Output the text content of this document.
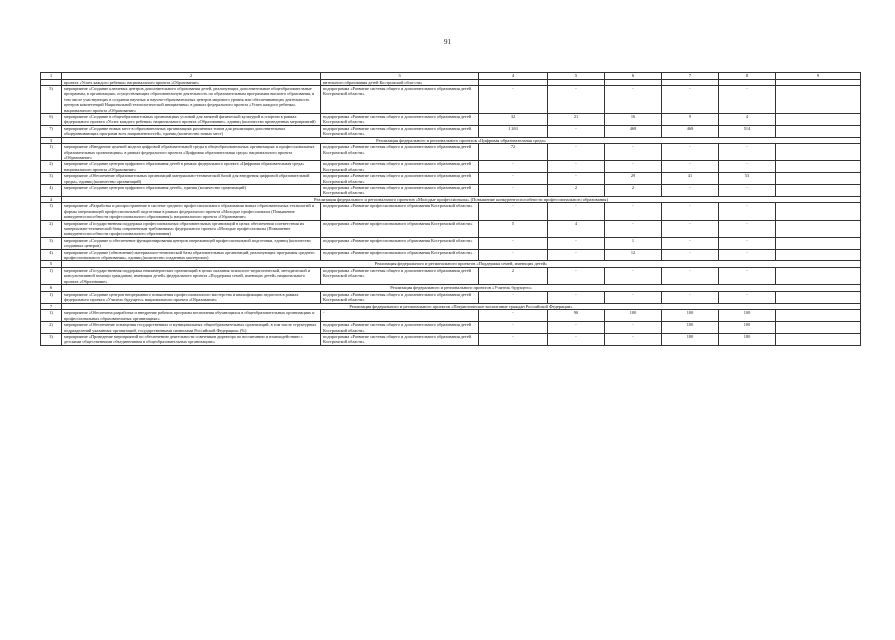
91
1	2	3	4	5	6	7	8	9
	проекта «Успех каждого ребенка» национального проекта «Образование»	вительного образования детей Костромской обла-сти»						
5)	мероприятие «Создание ключевых центров дополнительного образования детей, реализующих дополнительные общеобразовательные программы, в организациях, осуществляющих образовательную деятельность по образовательным программам высшего образования, в том числе участвующих в создании научных и научно-образовательных центров мирового уровня или обеспечивающих деятельность центров компетенций Национальной технологической инициативы» в рамках федерального проекта «Успех каждого ребенка» национального проекта «Образование»	подпрограмма «Развитие системы общего и дополнительного образования детей Костромской области»	-	-	-	-	-	
6)	мероприятие «Создание в общеобразовательных организациях условий для занятий физической культурой и спортом в рамках федерального проекта «Успех каждого ребенка» национального проекта «Образование», единиц (количество проведенных мероприятий)	подпрограмма «Развитие системы общего и дополнительного образования детей Костромской области»	32	21	16	9	4	
7)	мероприятие «Создание новых мест в образовательных организациях различных типов для реализации дополнительных общеразвивающих программ всех направленностей», единиц (количество новых мест)	подпрограмма «Развитие системы общего и дополнительного образования детей Костромской области»	1 263	-	468	468	514	
3	Реализация федерального и регионального проектов «Цифровая образовательная среда»							
1)	мероприятие «Внедрение целевой модели цифровой образовательной среды в общеобразовательных организациях и профессиональных образовательных организациях» в рамках федерального проекта «Цифровая образовательная среда» национального проекта «Образование»	подпрограмма «Развитие системы общего и дополнительного образования детей Костромской области»	72	-	-	-	-	
2)	мероприятие «Создание центров цифрового образования детей в рамках федерального проекта «Цифровая образовательная среда» национального проекта «Образование»	подпрограмма «Развитие системы общего и дополнительного образования детей Костромской области»	-	-	-	-	-	
3)	мероприятие «Обеспечение образовательных организаций материально-технической базой для внедрения цифровой образовательной среды», единиц (количество организаций)	подпрограмма «Развитие системы общего и дополнительного образования детей Костромской области»	-	-	29	41	53	
4)	мероприятие «Создание центров цифрового образования детей», единиц (количество организаций)	подпрограмма «Развитие системы общего и дополнительного образования детей Костромской области»	-	2	2	-	-	
4	Реализация федерального и регионального проектов «Молодые профессионалы» (Повышение конкурентоспособности профессионального образования)							
1)	мероприятие «Разработка и распространение в системе среднего профессионального образования новых образовательных технологий и формы опережающей профессиональной подготовки в рамках федерального проекта «Молодые профессионалы (Повышение конкурентоспособности профессионального образования)» национального проекта «Образование»	подпрограмма «Развитие профессионального образования Костромской области»	-	-	-	-	-	
2)	мероприятие «Государственная поддержка профессиональных образовательных организаций в целях обеспечения соответствия их материально-технической базы современным требованиям» федерального проекта «Молодые профессионалы (Повышение конкурентоспособности профессионального образования)	подпрограмма «Развитие профессионального образования Костромской области»	5	4	-	-	-	
3)	мероприятие «Создание и обеспечение функционирования центров опережающей профессиональной подготовки, единиц (количество созданных центров)	подпрограмма «Развитие профессионального образования Костромской области»	-	-	1	-	-	
4)	мероприятие «Создание (обновление) материально-технической базы образовательных организаций, реализующих программы среднего профессионального образования», единиц (количество созданных мастерских)	подпрограмма «Развитие профессионального образования Костромской области»	-	-	12	-	-	
5	Реализация федерального и регионального проектов «Поддержка семей, имеющих детей»							
1)	мероприятие «Государственная поддержка некоммерческих организаций в целях оказания психолого-педагогической, методической и консультативной помощи гражданам, имеющим детей» федерального проекта «Поддержка семей, имеющих детей» национального проекта «Образование»	подпрограмма «Развитие системы общего и дополнительного образования детей Костромской области»	2	-	-	-	-	
6	Реализация федерального и регионального проектов «Учитель будущего»							
1)	мероприятие «Создание центров непрерывного повышения профессионального мастерства и квалификации педагогов в рамках федерального проекта «Учитель будущего» национального проекта «Образование»	подпрограмма «Развитие системы общего и дополнительного образования детей Костромской области»	-	-	-	-	-	
7	Реализация федерального и регионального проектов «Патриотическое воспитание граждан Российской Федерации»							
1)	мероприятие «Обеспечена разработка и внедрение рабочих программ воспитания обучающихся в общеобразовательных организациях и профессиональных образовательных организациях»	-	-	90	100	100	100	
2)	мероприятие «Обеспечение оснащения государственных и муниципальных общеобразовательных организаций, в том числе структурных подразделений указанных организаций, государственными символами Российской Федерации» (%)	подпрограмма «Развитие системы общего и дополнительного образования детей Костромской области»	-	-	-	100	100	
3)	мероприятие «Проведение мероприятий по обеспечению деятельности советников директора по воспитанию и взаимодействию с детскими общественными объединениями в общеобразовательных организациях»	подпрограмма «Развитие системы общего и дополнительного образования детей Костромской области»	-	-	-	180	180	
